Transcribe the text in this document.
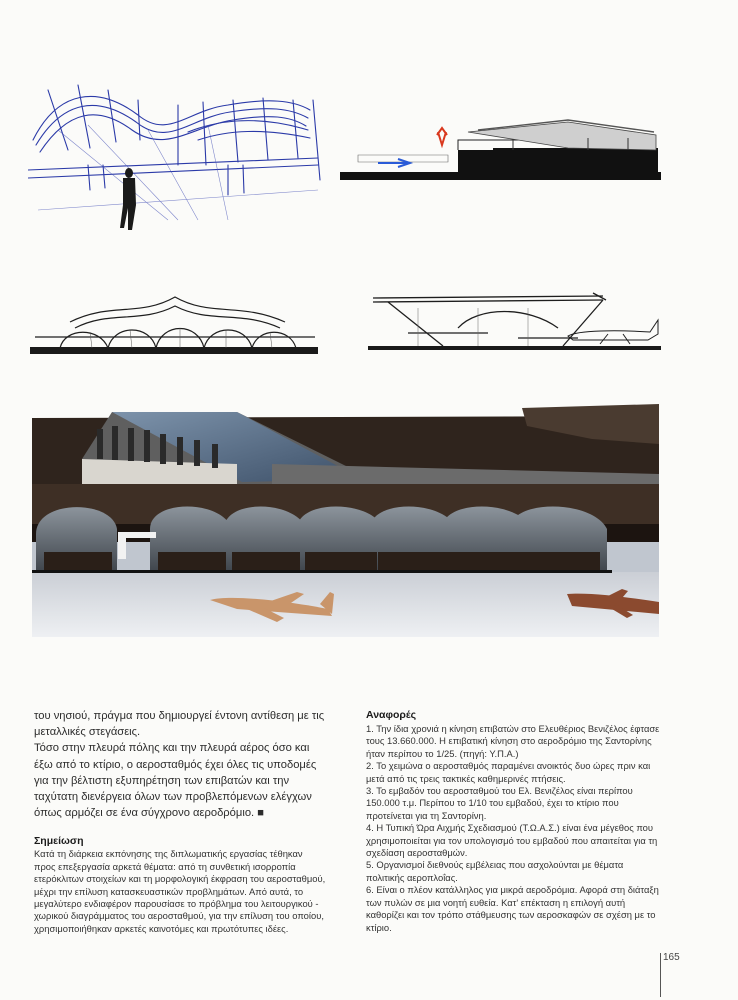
του νησιού, πράγμα που δημιουργεί έντονη αντίθεση με τις μεταλλικές στεγάσεις.

Τόσο στην πλευρά πόλης και την πλευρά αέρος όσο και έξω από το κτίριο, ο αεροσταθμός έχει όλες τις υποδομές για την βέλτιστη εξυπηρέτηση των επιβατών και την ταχύτατη διενέργεια όλων των προβλεπόμενων ελέγχων όπως αρμόζει σε ένα σύγχρονο αεροδρόμιο. ■

Σημείωση

Κατά τη διάρκεια εκπόνησης της διπλωματικής εργασίας τέθηκαν προς επεξεργασία αρκετά θέματα: από τη συνθετική ισορροπία ετερόκλιτων στοιχείων και τη μορφολογική έκφραση του αεροσταθμού, μέχρι την επίλυση κατασκευαστικών προβλημάτων. Από αυτά, το μεγαλύτερο ενδιαφέρον παρουσίασε το πρόβλημα του λειτουργικού - χωρικού διαγράμματος του αεροσταθμού, για την επίλυση του οποίου, χρησιμοποιήθηκαν αρκετές καινοτόμες και πρωτότυπες ιδέες.

Αναφορές
1. Την ίδια χρονιά η κίνηση επιβατών στο Ελευθέριος Βενιζέλος έφτασε τους 13.660.000. Η επιβατική κίνηση στο αεροδρόμιο της Σαντορίνης ήταν περίπου το 1/25. (πηγή: Υ.Π.Α.)
2. Το χειμώνα ο αεροσταθμός παραμένει ανοικτός δυο ώρες πριν και μετά από τις τρεις τακτικές καθημερινές πτήσεις.
3. Το εμβαδόν του αεροσταθμού του Ελ. Βενιζέλος είναι περίπου 150.000 τ.μ. Περίπου το 1/10 του εμβαδού, έχει το κτίριο που προτείνεται για τη Σαντορίνη.
4. Η Τυπική Ώρα Αιχμής Σχεδιασμού (Τ.Ω.Α.Σ.) είναι ένα μέγεθος που χρησιμοποιείται για τον υπολογισμό του εμβαδού που απαιτείται για τη σχεδίαση αεροσταθμών.
5. Οργανισμοί διεθνούς εμβέλειας που ασχολούνται με θέματα πολιτικής αεροπλοΐας.
6. Είναι ο πλέον κατάλληλος για μικρά αεροδρόμια. Αφορά στη διάταξη των πυλών σε μια νοητή ευθεία. Κατ' επέκταση η επιλογή αυτή καθορίζει και τον τρόπο στάθμευσης των αεροσκαφών σε σχέση με το κτίριο.
165
